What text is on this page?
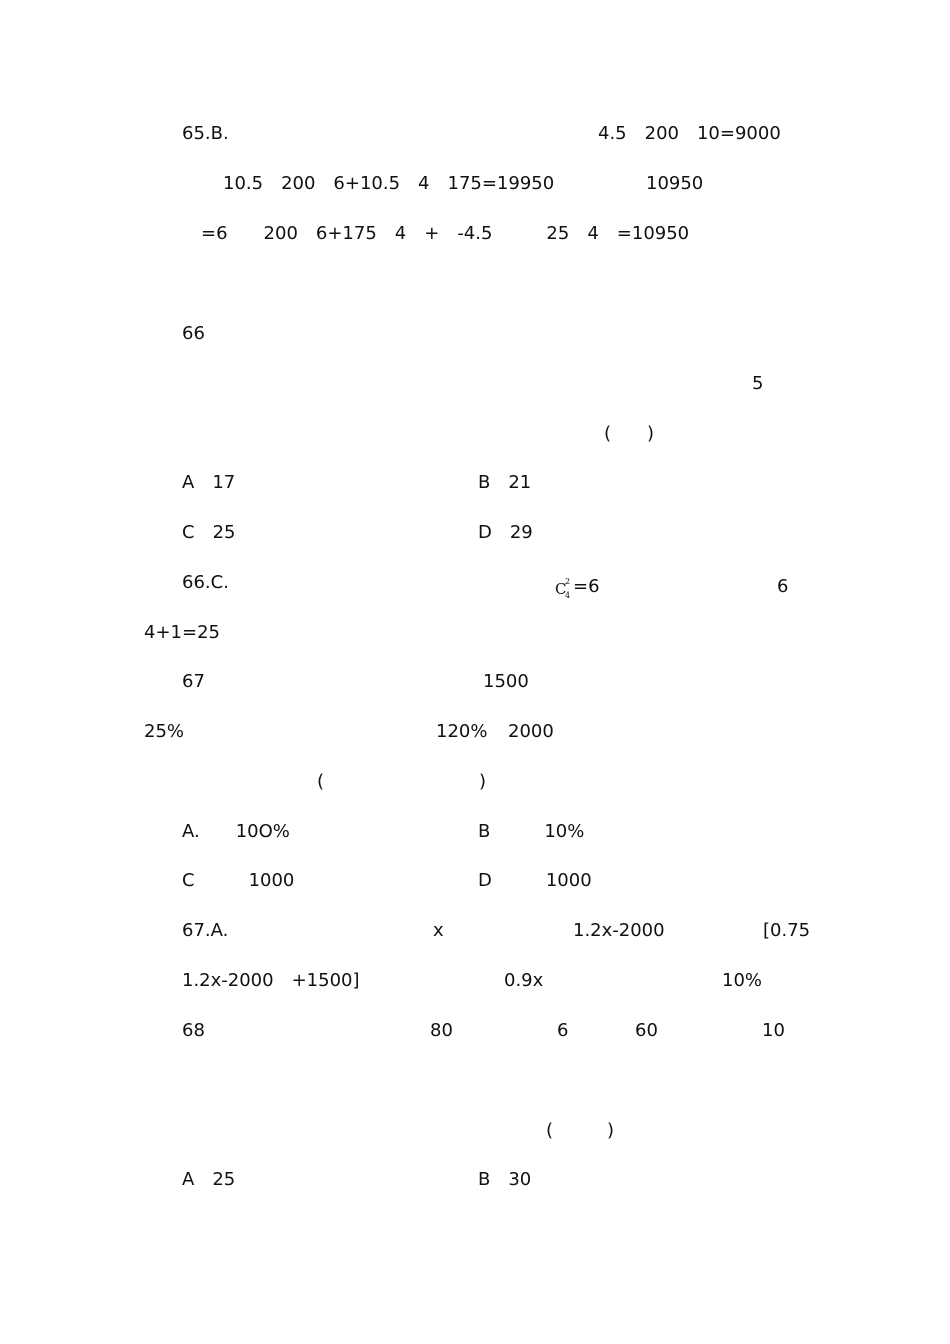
65.B.	4.5　200　10=9000
10.5　200　6+10.5　4　175=19950	10950
=6　　200　6+175　4　+　-4.5　　　25　4　=10950
66
5
(　　)
A　17	B　21
C　25	D　29
66.C.	C
2
4 =6	6
4+1=25
67	1500
25%	120% 2000
(	)
A.　　10O%	B　　　10%
C　　　1000	D　　　1000
67.A.	x	1.2x-2000	[0.75
1.2x-2000　+1500]	0.9x	10%
68	80	6	60	10
(　　　)
A　25	B　30
